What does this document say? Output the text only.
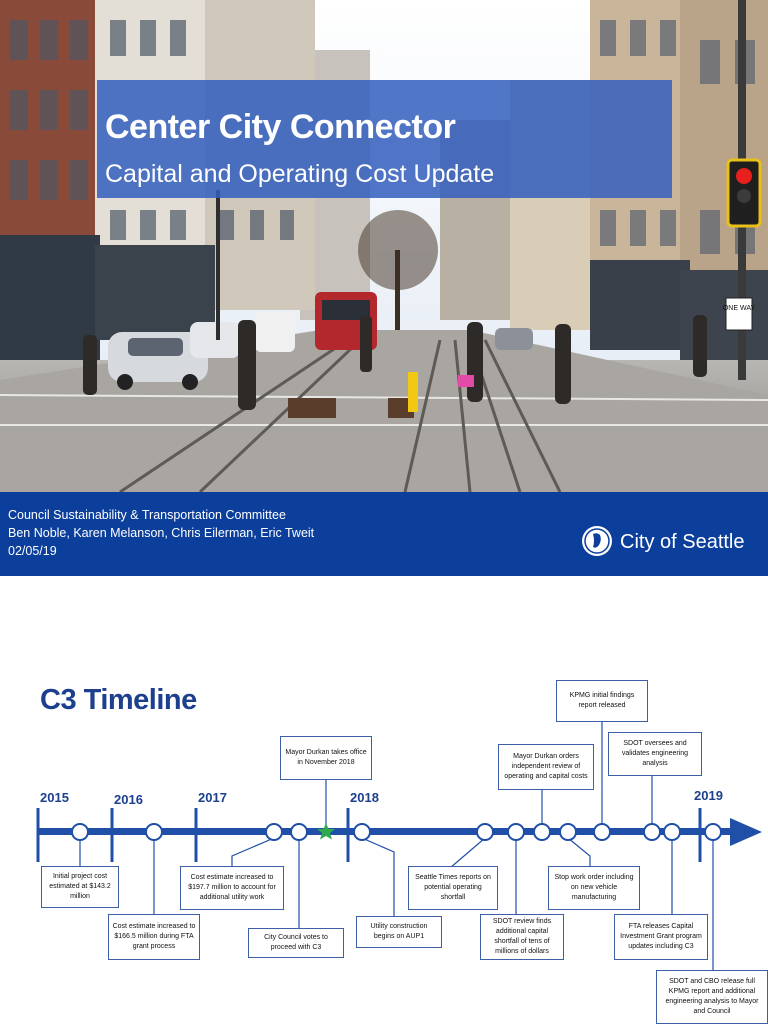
ONE WAY
Center City Connector
Capital and Operating Cost Update
Council Sustainability & Transportation Committee
Ben Noble, Karen Melanson, Chris Eilerman, Eric Tweit
02/05/19	City of Seattle
C3 Timeline
2015	2016	2017	2018	2019
Initial project cost estimated at $143.2 million
Cost estimate increased to $166.5 million during FTA grant process
Cost estimate increased to $197.7 million to account for additional utility work
City Council votes to proceed with C3
Mayor Durkan takes office in November 2018
Utility construction begins on AUP1
Seattle Times reports on potential operating shortfall
SDOT review finds additional capital shortfall of tens of millions of dollars
Mayor Durkan orders independent review of operating and capital costs
Stop work order including on new vehicle manufacturing
KPMG initial findings report released
SDOT oversees and validates engineering analysis
FTA releases Capital Investment Grant program updates including C3
SDOT and CBO release full KPMG report and additional engineering analysis to Mayor and Council
